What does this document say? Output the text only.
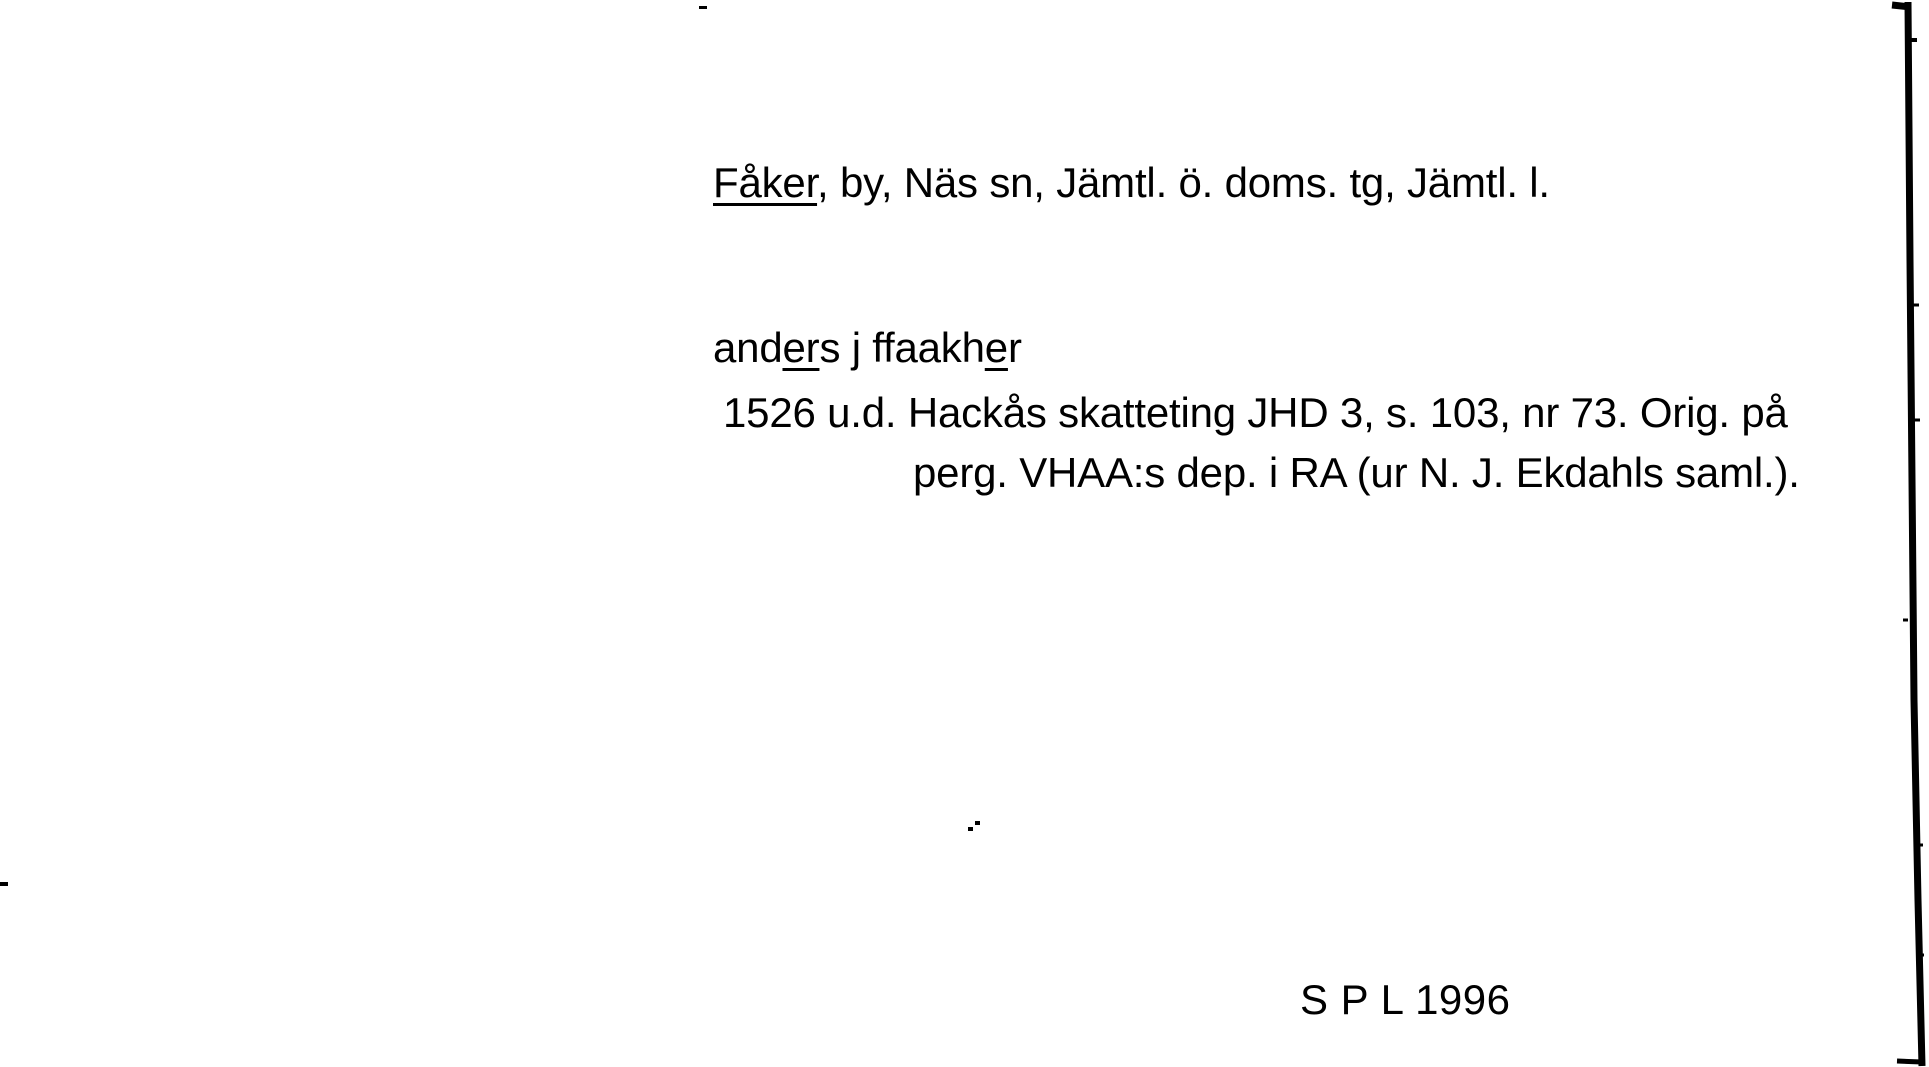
Fåker, by, Näs sn, Jämtl. ö. doms. tg, Jämtl. l.
anders j ffaakher
1526 u.d. Hackås skatteting JHD 3, s. 103, nr 73. Orig. på
perg. VHAA:s dep. i RA (ur N. J. Ekdahls saml.).
S P L 1996
